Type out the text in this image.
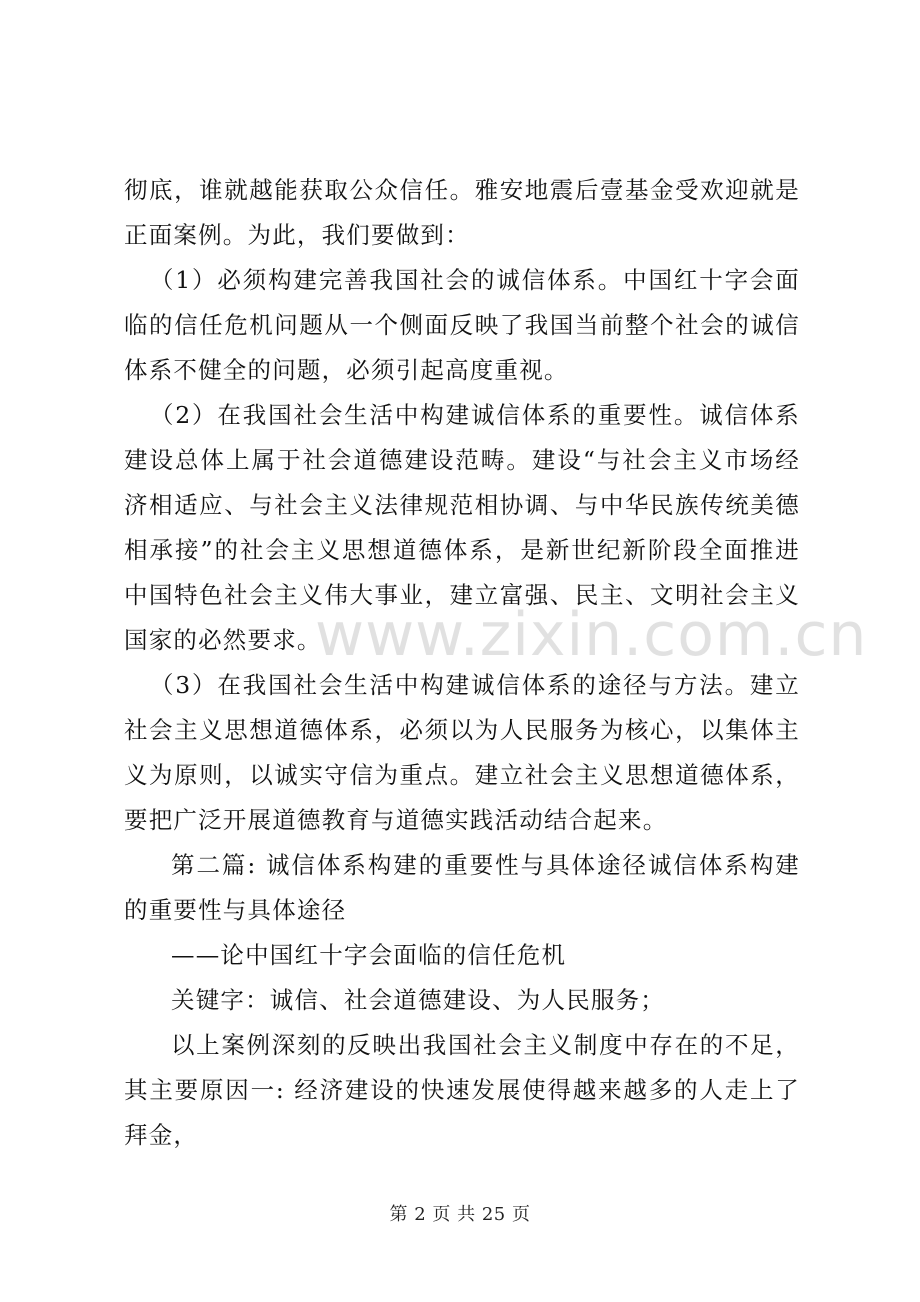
彻底，谁就越能获取公众信任。雅安地震后壹基金受欢迎就是正面案例。为此，我们要做到：

（1）必须构建完善我国社会的诚信体系。中国红十字会面临的信任危机问题从一个侧面反映了我国当前整个社会的诚信体系不健全的问题，必须引起高度重视。

（2）在我国社会生活中构建诚信体系的重要性。诚信体系建设总体上属于社会道德建设范畴。建设“与社会主义市场经济相适应、与社会主义法律规范相协调、与中华民族传统美德相承接”的社会主义思想道德体系，是新世纪新阶段全面推进中国特色社会主义伟大事业，建立富强、民主、文明社会主义国家的必然要求。

（3）在我国社会生活中构建诚信体系的途径与方法。建立社会主义思想道德体系，必须以为人民服务为核心，以集体主义为原则，以诚实守信为重点。建立社会主义思想道德体系，要把广泛开展道德教育与道德实践活动结合起来。

第二篇: 诚信体系构建的重要性与具体途径诚信体系构建的重要性与具体途径

——论中国红十字会面临的信任危机

关键字：诚信、社会道德建设、为人民服务；

以上案例深刻的反映出我国社会主义制度中存在的不足，其主要原因一: 经济建设的快速发展使得越来越多的人走上了拜金，

www.zixin.com.cn
第 2 页 共 25 页
